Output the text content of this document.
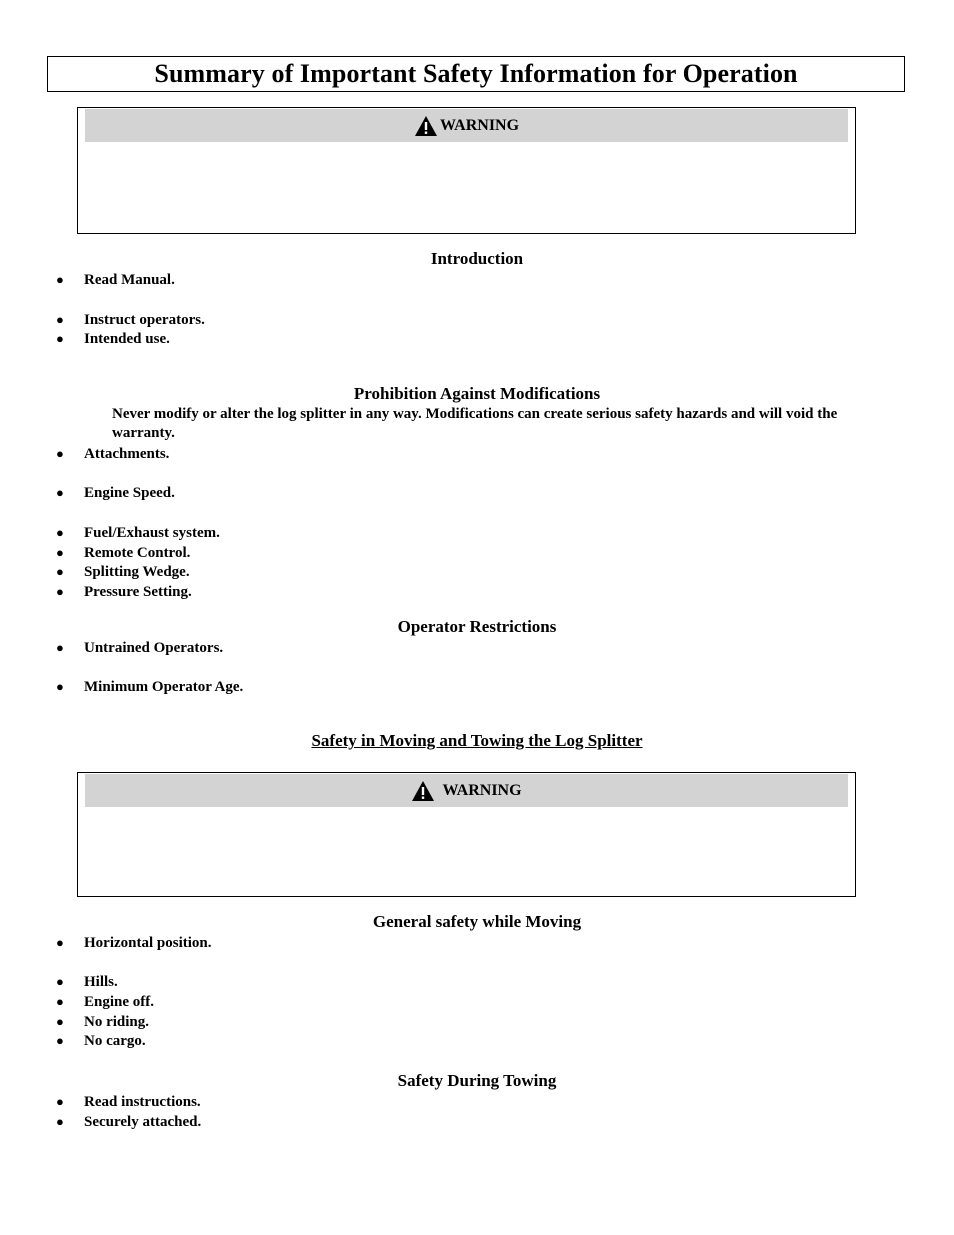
Summary of Important Safety Information for Operation
WARNING
Introduction
● Read Manual.
● Instruct operators.
● Intended use.
Prohibition Against Modifications
Never modify or alter the log splitter in any way. Modifications can create serious safety hazards and will void the warranty.
● Attachments.
● Engine Speed.
● Fuel/Exhaust system.
● Remote Control.
● Splitting Wedge.
● Pressure Setting.
Operator Restrictions
● Untrained Operators.
● Minimum Operator Age.
Safety in Moving and Towing the Log Splitter
WARNING
General safety while Moving
● Horizontal position.
● Hills.
● Engine off.
● No riding.
● No cargo.
Safety During Towing
● Read instructions.
● Securely attached.
